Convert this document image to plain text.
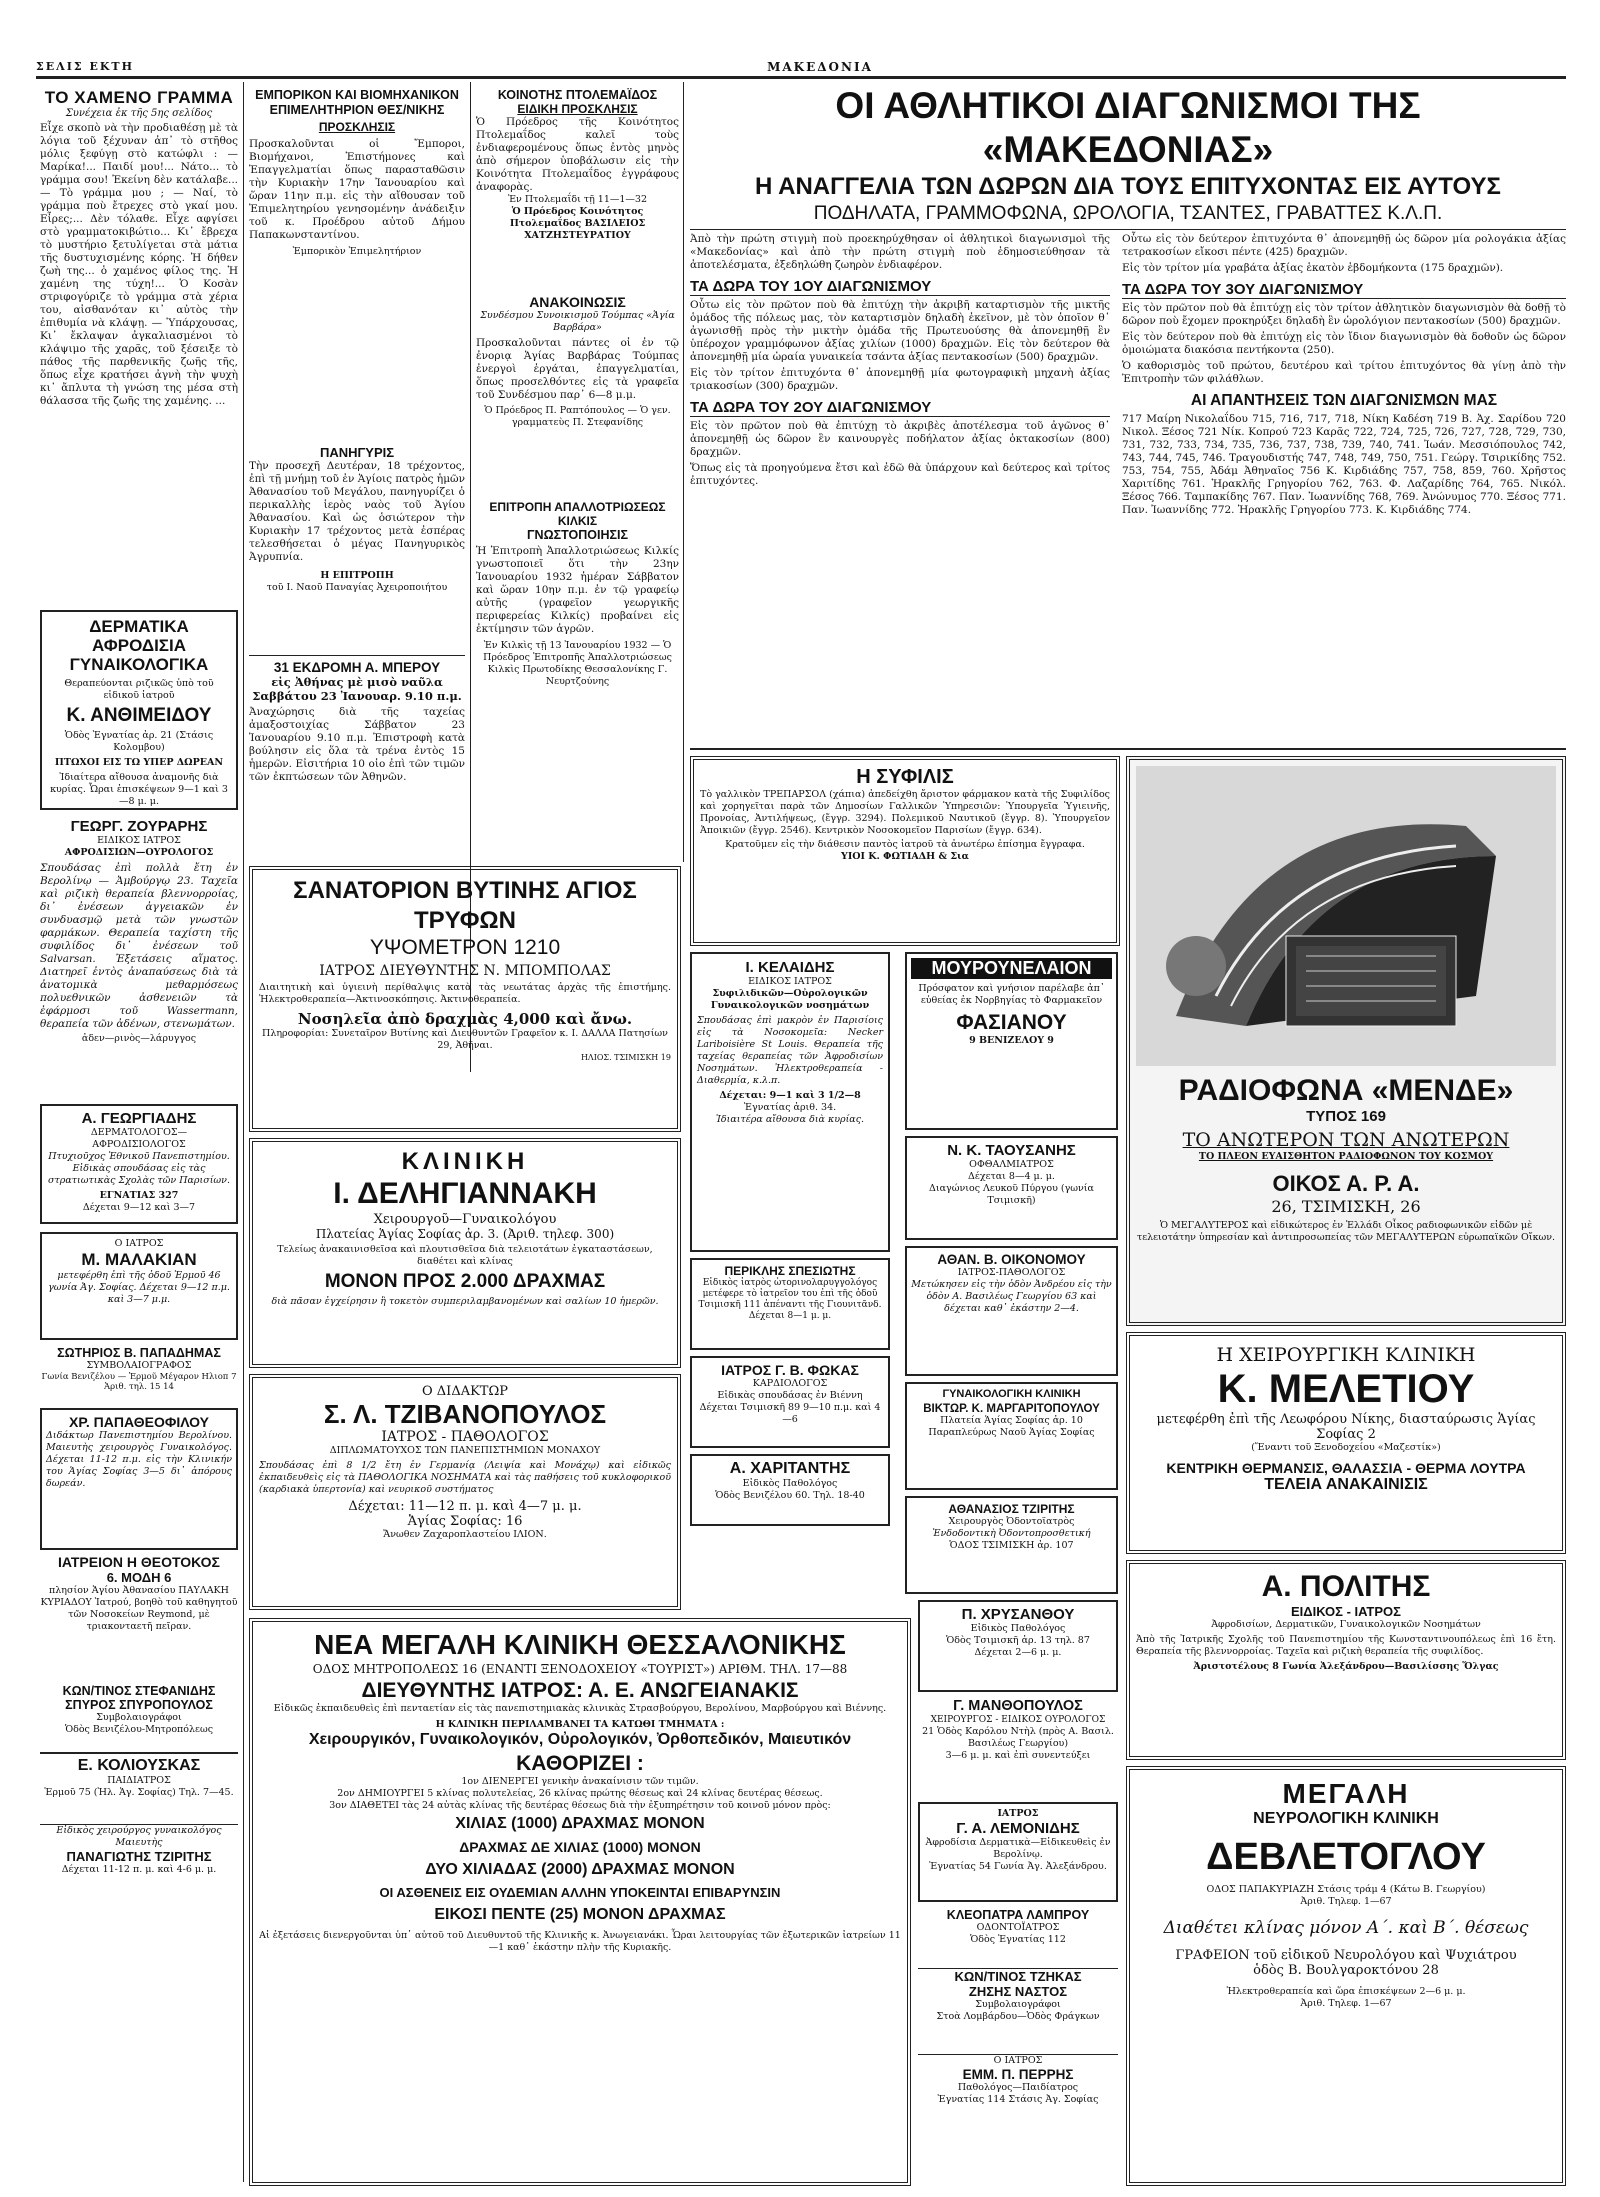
ΣΕΛΙΣ ΕΚΤΗ	ΜΑΚΕΔΟΝΙΑ
ΤΟ ΧΑΜΕΝΟ ΓΡΑΜΜΑ
Συνέχεια ἐκ τῆς 5ης σελίδος
Εἶχε σκοπὸ νὰ τὴν προδιαθέσῃ μὲ τὰ λόγια τοῦ ξέχυναν ἀπ᾿ τὸ στῆθος μόλις ξεφύγῃ στὸ κατώφλι : — Μαρίκα!... Παιδί μου!... Νάτο... τὸ γράμμα σου! Ἐκείνη δὲν κατάλαβε... — Τὸ γράμμα μου ; — Ναί, τὸ γράμμα ποὺ ἔτρεχες στὸ γκαί μου. Εἶρες;... Δὲν τόλαθε. Εἶχε αφγίσει στὸ γραμματοκιβώτιο... Κι᾿ ἔβρεχα τὸ μυστήριο ξετυλίγεται στὰ μάτια τῆς δυστυχισμένης κόρης. Ἡ δήθεν ζωὴ της... ὁ χαμένος φίλος της. Ἡ χαμένη της τύχη!... Ὁ Κοσὰν στριφογύριζε τὸ γράμμα στὰ χέρια του, αἰσθανόταν κι᾿ αὐτὸς τὴν ἐπιθυμία νὰ κλάψῃ. — Ὑπάρχουσας, Κι᾿ ἔκλαψαν ἀγκαλιασμένοι τὸ κλάψιμο τῆς χαρᾶς, τοῦ ξέσειξε τὸ πάθος τῆς παρθενικῆς ζωῆς τῆς, ὅπως εἶχε κρατήσει ἀγνὴ τὴν ψυχὴ κι᾿ ἄπλυτα τὴ γνώση της μέσα στὴ θάλασσα τῆς ζωῆς της χαμένης. ...
ΔΕΡΜΑΤΙΚΑ ΑΦΡΟΔΙΣΙΑ ΓΥΝΑΙΚΟΛΟΓΙΚΑ
Θεραπεύονται ριζικῶς ὑπὸ τοῦ εἰδικοῦ ἰατροῦ
Κ. ΑΝΘΙΜΕΙΔΟΥ
Ὁδὸς Ἐγνατίας ἀρ. 21 (Στάσις Κολομβου)
ΠΤΩΧΟΙ ΕΙΣ ΤΩ ΥΠΕΡ ΔΩΡΕΑΝ
Ἰδιαίτερα αἴθουσα ἀναμονῆς διὰ κυρίας. Ὧραι ἐπισκέψεων 9—1 καὶ 3—8 μ. μ.
ΓΕΩΡΓ. ΖΟΥΡΑΡΗΣ
ΕΙΔΙΚΟΣ ΙΑΤΡΟΣ
ΑΦΡΟΔΙΣΙΩΝ—ΟΥΡΟΛΟΓΟΣ
Σπουδάσας ἐπὶ πολλὰ ἔτη ἐν Βερολίνῳ — Ἀμβούργῳ 23. Ταχεῖα καὶ ριζικὴ θεραπεία βλεννορροίας, δι᾿ ἐνέσεων ἀγγειακῶν ἐν συνδυασμῷ μετὰ τῶν γνωστῶν φαρμάκων. Θεραπεία ταχίστη τῆς συφιλίδος δι᾿ ἐνέσεων τοῦ Salvarsan. Ἐξετάσεις αἵματος. Διατηρεῖ ἐντὸς ἀναπαύσεως διὰ τὰ ἀνατομικὰ μεθαρμόσεως πολυεθνικῶν ἀσθενειῶν τὰ ἐφάρμοσι τοῦ Wassermann, θεραπεία τῶν ἀδένων, στενωμάτων.
ἀδεν—ρινὸς—λάρυγγος
Α. ΓΕΩΡΓΙΑΔΗΣ
ΔΕΡΜΑΤΟΛΟΓΟΣ—ΑΦΡΟΔΙΣΙΟΛΟΓΟΣ
Πτυχιοῦχος Ἐθνικοῦ Πανεπιστημίου. Εἰδικὰς σπουδάσας εἰς τὰς στρατιωτικὰς Σχολὰς τῶν Παρισίων.
ΕΓΝΑΤΙΑΣ 327
Δέχεται 9—12 καὶ 3—7
Ο ΙΑΤΡΟΣ
Μ. ΜΑΛΑΚΙΑΝ
μετεφέρθη ἐπὶ τῆς ὁδοῦ Ἐρμοῦ 46 γωνία Ἀγ. Σοφίας. Δέχεται 9—12 π.μ. καὶ 3—7 μ.μ.
ΣΩΤΗΡΙΟΣ Β. ΠΑΠΑΔΗΜΑΣ
ΣΥΜΒΟΛΑΙΟΓΡΑΦΟΣ
Γωνία Βενιζέλου — Ἑρμοῦ Μέγαρον Ηλιοπ 7 Ἀριθ. τηλ. 15 14
ΧΡ. ΠΑΠΑΘΕΟΦΙΛΟΥ
Διδάκτωρ Πανεπιστημίου Βερολίνου. Μαιευτὴς χειρουργὸς Γυναικολόγος. Δέχεται 11-12 π.μ. εἰς τὴν Κλινικήν του Ἁγίας Σοφίας 3—5 δι᾿ ἀπόρους δωρεάν.
ΙΑΤΡΕΙΟΝ Η ΘΕΟΤΟΚΟΣ
6. ΜΟΔΗ 6
πλησίον Ἁγίου Ἀθανασίου ΠΑΥΛΑΚΗ ΚΥΡΙΑΔΟΥ Ἰατρού, βοηθὸ τοῦ καθηγητοῦ τῶν Νοσοκείων Reymond, μὲ τριακονταετῆ πεῖραν.
ΚΩΝ/ΤΙΝΟΣ ΣΤΕΦΑΝΙΔΗΣ
ΣΠΥΡΟΣ ΣΠΥΡΟΠΟΥΛΟΣ
Συμβολαιογράφοι
Ὁδὸς Βενιζέλου-Μητροπόλεως
Ε. ΚΟΛΙΟΥΣΚΑΣ
ΠΑΙΔΙΑΤΡΟΣ
Ἑρμοῦ 75 (Ἠλ. Ἁγ. Σοφίας) Τηλ. 7—45.
Εἰδικὸς χειρούργος γυναικολόγος Μαιευτὴς
ΠΑΝΑΓΙΩΤΗΣ ΤΖΙΡΙΤΗΣ
Δέχεται 11-12 π. μ. καὶ 4-6 μ. μ.
ΕΜΠΟΡΙΚΟΝ ΚΑΙ ΒΙΟΜΗΧΑΝΙΚΟΝ ΕΠΙΜΕΛΗΤΗΡΙΟΝ ΘΕΣ/ΝΙΚΗΣ
ΠΡΟΣΚΛΗΣΙΣ
Προσκαλοῦνται οἱ Ἔμποροι, Βιομήχανοι, Ἐπιστήμονες καὶ Ἐπαγγελματίαι ὅπως παρασταθῶσιν τὴν Κυριακὴν 17ην Ἰανουαρίου καὶ ὥραν 11ην π.μ. εἰς τὴν αἴθουσαν τοῦ Ἐπιμελητηρίου γενησομένην ἀνάδειξιν τοῦ κ. Προέδρου αὐτοῦ Δήμου Παπακωνσταντίνου.
Ἐμπορικὸν Ἐπιμελητήριον
ΠΑΝΗΓΥΡΙΣ
Τὴν προσεχῆ Δευτέραν, 18 τρέχοντος, ἐπὶ τῇ μνήμῃ τοῦ ἐν Ἁγίοις πατρὸς ἡμῶν Ἀθανασίου τοῦ Μεγάλου, πανηγυρίζει ὁ περικαλλὴς ἱερὸς ναὸς τοῦ Ἁγίου Ἀθανασίου. Καὶ ὡς ὁσιώτερον τὴν Κυριακὴν 17 τρέχοντος μετὰ ἐσπέρας τελεσθήσεται ὁ μέγας Πανηγυρικὸς Ἀγρυπνία.
Η ΕΠΙΤΡΟΠΗ
τοῦ Ι. Ναοῦ Παναγίας Ἀχειροποιήτου
31 ΕΚΔΡΟΜΗ Α. ΜΠΕΡΟΥ
εἰς Ἀθήνας μὲ μισὸ ναῦλα Σαββάτου 23 Ἰανουαρ. 9.10 π.μ.
Ἀναχώρησις διὰ τῆς ταχείας ἀμαξοστοιχίας Σάββατον 23 Ἰανουαρίου 9.10 π.μ. Ἐπιστροφὴ κατὰ βούλησιν εἰς ὅλα τὰ τρένα ἐντὸς 15 ἡμερῶν. Εἰσιτήρια 10 οἰο ἐπὶ τῶν τιμῶν τῶν ἐκπτώσεων τῶν Ἀθηνῶν.
ΚΟΙΝΟΤΗΣ ΠΤΟΛΕΜΑΪΔΟΣ
ΕΙΔΙΚΗ ΠΡΟΣΚΛΗΣΙΣ
Ὁ Πρόεδρος τῆς Κοινότητος Πτολεμαΐδος καλεῖ τοὺς ἐνδιαφερομένους ὅπως ἐντὸς μηνὸς ἀπὸ σήμερον ὑποβάλωσιν εἰς τὴν Κοινότητα Πτολεμαΐδος ἐγγράφους ἀναφορὰς.
Ἐν Πτολεμαΐδι τῇ 11—1—32
Ὁ Πρόεδρος Κοινότητος Πτολεμαΐδος ΒΑΣΙΛΕΙΟΣ ΧΑΤΖΗΣΤΕΥΡΑΤΙΟΥ
ΑΝΑΚΟΙΝΩΣΙΣ
Συνδέσμου Συνοικισμοῦ Τούμπας «Ἁγία Βαρβάρα»
Προσκαλοῦνται πάντες οἱ ἐν τῷ ἐνοριᾳ Ἁγίας Βαρβάρας Τούμπας ἐνεργοὶ ἐργάται, ἐπαγγελματίαι, ὅπως προσελθόντες εἰς τὰ γραφεῖα τοῦ Συνδέσμου παρ᾿ 6—8 μ.μ.
Ὁ Πρόεδρος Π. Ραπτόπουλος — Ὁ γεν. γραμματεὺς Π. Στεφανίδης
ΕΠΙΤΡΟΠΗ ΑΠΑΛΛΟΤΡΙΩΣΕΩΣ ΚΙΛΚΙΣ
ΓΝΩΣΤΟΠΟΙΗΣΙΣ
Ἡ Ἐπιτροπὴ Ἀπαλλοτριώσεως Κιλκίς γνωστοποιεῖ ὅτι τὴν 23ην Ἰανουαρίου 1932 ἡμέραν Σάββατον καὶ ὥραν 10ην π.μ. ἐν τῷ γραφείῳ αὐτῆς (γραφεῖον γεωργικῆς περιφερείας Κιλκίς) προβαίνει εἰς ἐκτίμησιν τῶν ἀγρῶν.
Ἐν Κιλκὶς τῇ 13 Ἰανουαρίου 1932 — Ὁ Πρόεδρος Ἐπιτροπῆς Ἀπαλλοτριώσεως Κιλκὶς Πρωτοδίκης Θεσσαλονίκης Γ. Νευρτζούνης
ΟΙ ΑΘΛΗΤΙΚΟΙ ΔΙΑΓΩΝΙΣΜΟΙ ΤΗΣ «ΜΑΚΕΔΟΝΙΑΣ»
Η ΑΝΑΓΓΕΛΙΑ ΤΩΝ ΔΩΡΩΝ ΔΙΑ ΤΟΥΣ ΕΠΙΤΥΧΟΝΤΑΣ ΕΙΣ ΑΥΤΟΥΣ
ΠΟΔΗΛΑΤΑ, ΓΡΑΜΜΟΦΩΝΑ, ΩΡΟΛΟΓΙΑ, ΤΣΑΝΤΕΣ, ΓΡΑΒΑΤΤΕΣ Κ.Λ.Π.
Ἀπὸ τὴν πρώτη στιγμὴ ποὺ προεκηρύχθησαν οἱ ἀθλητικοὶ διαγωνισμοὶ τῆς «Μακεδονίας» καὶ ἀπὸ τὴν πρώτη στιγμὴ ποὺ ἐδημοσιεύθησαν τὰ ἀποτελέσματα, ἐξεδηλώθη ζωηρὸν ἐνδιαφέρον.
ΤΑ ΔΩΡΑ ΤΟΥ 1ΟΥ ΔΙΑΓΩΝΙΣΜΟΥ
Οὗτω εἰς τὸν πρῶτον ποὺ θὰ ἐπιτύχῃ τὴν ἀκριβῆ καταρτισμὸν τῆς μικτῆς ὁμάδος τῆς πόλεως μας, τὸν καταρτισμὸν δηλαδὴ ἐκεῖνον, μὲ τὸν ὁποῖον θ᾿ ἀγωνισθῇ πρὸς τὴν μικτὴν ὁμάδα τῆς Πρωτευούσης θὰ ἀπονεμηθῇ ἓν ὑπέροχον γραμμόφωνον ἀξίας χιλίων (1000) δραχμῶν. Εἰς τὸν δεύτερον θὰ ἀπονεμηθῇ μία ὡραία γυναικεία τσάντα ἀξίας πεντακοσίων (500) δραχμῶν.
Εἰς τὸν τρίτον ἐπιτυχόντα θ᾿ ἀπονεμηθῇ μία φωτογραφικὴ μηχανὴ ἀξίας τριακοσίων (300) δραχμῶν.
ΤΑ ΔΩΡΑ ΤΟΥ 2ΟΥ ΔΙΑΓΩΝΙΣΜΟΥ
Εἰς τὸν πρῶτον ποὺ θὰ ἐπιτύχῃ τὸ ἀκριβὲς ἀποτέλεσμα τοῦ ἀγῶνος θ᾿ ἀπονεμηθῇ ὡς δῶρον ἓν καινουργὲς ποδήλατον ἀξίας ὀκτακοσίων (800) δραχμῶν.
Ὅπως εἰς τὰ προηγούμενα ἔτσι καὶ ἐδῶ θὰ ὑπάρχουν καὶ δεύτερος καὶ τρίτος ἐπιτυχόντες.
Οὗτω εἰς τὸν δεύτερον ἐπιτυχόντα θ᾿ ἀπονεμηθῇ ὡς δῶρον μία ρολογάκια ἀξίας τετρακοσίων εἴκοσι πέντε (425) δραχμῶν.
Εἰς τὸν τρίτον μία γραβάτα ἀξίας ἑκατὸν ἑβδομήκοντα (175 δραχμῶν).
ΤΑ ΔΩΡΑ ΤΟΥ 3ΟΥ ΔΙΑΓΩΝΙΣΜΟΥ
Εἰς τὸν πρῶτον ποὺ θὰ ἐπιτύχῃ εἰς τὸν τρίτον ἀθλητικὸν διαγωνισμὸν θὰ δοθῇ τὸ δῶρον ποὺ ἔχομεν προκηρύξει δηλαδὴ ἓν ὡρολόγιον πεντακοσίων (500) δραχμῶν.
Εἰς τὸν δεύτερον ποὺ θὰ ἐπιτύχῃ εἰς τὸν ἴδιον διαγωνισμὸν θὰ δοθοῦν ὡς δῶρον ὁμοιώματα διακόσια πεντήκοντα (250).
Ὁ καθορισμὸς τοῦ πρώτου, δευτέρου καὶ τρίτου ἐπιτυχόντος θὰ γίνῃ ἀπὸ τὴν Ἐπιτροπὴν τῶν φιλάθλων.
ΑΙ ΑΠΑΝΤΗΣΕΙΣ ΤΩΝ ΔΙΑΓΩΝΙΣΜΩΝ ΜΑΣ
717 Μαίρη Νικολαΐδου 715, 716, 717, 718, Νίκη Καδέση 719 Β. Ἀχ. Σαρίδου 720 Νικολ. Ξέσος 721 Νίκ. Κοπρού 723 Καρᾶς 722, 724, 725, 726, 727, 728, 729, 730, 731, 732, 733, 734, 735, 736, 737, 738, 739, 740, 741. Ἰωάν. Μεσσιόπουλος 742, 743, 744, 745, 746. Τραγουδιστής 747, 748, 749, 750, 751. Γεώργ. Τσιρικίδης 752. 753, 754, 755, Ἀδάμ Ἀθηναῖος 756 Κ. Κιρδιάδης 757, 758, 859, 760. Χρῆστος Χαριτίδης 761. Ἡρακλῆς Γρηγορίου 762, 763. Φ. Λαζαρίδης 764, 765. Νικόλ. Ξέσος 766. Ταμπακίδης 767. Παν. Ἰωαννίδης 768, 769. Ἀνώνυμος 770. Ξέσος 771. Παν. Ἰωαννίδης 772. Ἡρακλῆς Γρηγορίου 773. Κ. Κιρδιάδης 774.
ΣΑΝΑΤΟΡΙΟΝ ΒΥΤΙΝΗΣ ΑΓΙΟΣ ΤΡΥΦΩΝ
ΥΨΟΜΕΤΡΟΝ 1210
ΙΑΤΡΟΣ ΔΙΕΥΘΥΝΤΗΣ Ν. ΜΠΟΜΠΟΛΑΣ
Διαιτητικὴ καὶ ὑγιεινὴ περίθαλψις κατὰ τὰς νεωτάτας ἀρχὰς τῆς ἐπιστήμης. Ἠλεκτροθεραπεία—Ἀκτινοσκόπησις. Ἀκτινοθεραπεία.
Νοσηλεῖα ἀπὸ δραχμὰς 4,000 καὶ ἄνω.
Πληροφορίαι: Συνεταῖρον Βυτίνης καὶ Διευθυντῶν Γραφεῖον κ. Ι. ΔΑΛΛΑ Πατησίων 29, Ἀθῆναι.
ΗΛΙΟΣ. ΤΣΙΜΙΣΚΗ 19
ΚΛΙΝΙΚΗ
Ι. ΔΕΛΗΓΙΑΝΝΑΚΗ
Χειρουργοῦ—Γυναικολόγου
Πλατείας Ἁγίας Σοφίας ἀρ. 3. (Ἀριθ. τηλεφ. 300)
Τελείως ἀνακαινισθεῖσα καὶ πλουτισθεῖσα διὰ τελειοτάτων ἐγκαταστάσεων, διαθέτει καὶ κλίνας
ΜΟΝΟΝ ΠΡΟΣ 2.000 ΔΡΑΧΜΑΣ
διὰ πᾶσαν ἐγχείρησιν ἢ τοκετὸν συμπεριλαμβανομένων καὶ σαλίων 10 ἡμερῶν.
Ο ΔΙΔΑΚΤΩΡ
Σ. Λ. ΤΖΙΒΑΝΟΠΟΥΛΟΣ
ΙΑΤΡΟΣ - ΠΑΘΟΛΟΓΟΣ
ΔΙΠΛΩΜΑΤΟΥΧΟΣ ΤΩΝ ΠΑΝΕΠΙΣΤΗΜΙΩΝ ΜΟΝΑΧΟΥ
Σπουδάσας ἐπὶ 8 1/2 ἔτη ἐν Γερμανίᾳ (Λειψία καὶ Μονάχῳ) καὶ εἰδικῶς ἐκπαιδευθεὶς εἰς τὰ ΠΑΘΟΛΟΓΙΚΑ ΝΟΣΗΜΑΤΑ καὶ τὰς παθήσεις τοῦ κυκλοφορικοῦ (καρδιακὰ ὑπερτονία) καὶ νευρικοῦ συστήματος
Δέχεται: 11—12 π. μ. καὶ 4—7 μ. μ.
Ἁγίας Σοφίας: 16
Ἄνωθεν Ζαχαροπλαστείου ΙΛΙΟΝ.
ΝΕΑ ΜΕΓΑΛΗ ΚΛΙΝΙΚΗ ΘΕΣΣΑΛΟΝΙΚΗΣ
ΟΔΟΣ ΜΗΤΡΟΠΟΛΕΩΣ 16 (ΕΝΑΝΤΙ ΞΕΝΟΔΟΧΕΙΟΥ «ΤΟΥΡΙΣΤ») ΑΡΙΘΜ. ΤΗΛ. 17—88
ΔΙΕΥΘΥΝΤΗΣ ΙΑΤΡΟΣ: Α. Ε. ΑΝΩΓΕΙΑΝΑΚΙΣ
Εἰδικῶς ἐκπαιδευθεὶς ἐπὶ πενταετίαν εἰς τὰς πανεπιστημιακὰς κλινικὰς Στρασβούργου, Βερολίνου, Μαρβούργου καὶ Βιέννης.
Η ΚΛΙΝΙΚΗ ΠΕΡΙΛΑΜΒΑΝΕΙ ΤΑ ΚΑΤΩΘΙ ΤΜΗΜΑΤΑ :
Χειρουργικόν, Γυναικολογικόν, Οὐρολογικόν, Ὀρθοπεδικόν, Μαιευτικόν
ΚΑΘΟΡΙΖΕΙ :
1ον ΔΙΕΝΕΡΓΕΙ γενικὴν ἀνακαίνισιν τῶν τιμῶν.
2ον ΔΗΜΙΟΥΡΓΕΙ 5 κλίνας πολυτελείας, 26 κλίνας πρώτης θέσεως καὶ 24 κλίνας δευτέρας θέσεως.
3ον ΔΙΑΘΕΤΕΙ τὰς 24 αὐτὰς κλίνας τῆς δευτέρας θέσεως διὰ τὴν ἐξυπηρέτησιν τοῦ κοινοῦ μόνον πρὸς:
ΧΙΛΙΑΣ (1000) ΔΡΑΧΜΑΣ ΜΟΝΟΝ
ΔΡΑΧΜΑΣ ΔΕ ΧΙΛΙΑΣ (1000) ΜΟΝΟΝ
ΔΥΟ ΧΙΛΙΑΔΑΣ (2000) ΔΡΑΧΜΑΣ ΜΟΝΟΝ
ΟΙ ΑΣΘΕΝΕΙΣ ΕΙΣ ΟΥΔΕΜΙΑΝ ΑΛΛΗΝ ΥΠΟΚΕΙΝΤΑΙ ΕΠΙΒΑΡΥΝΣΙΝ
ΕΙΚΟΣΙ ΠΕΝΤΕ (25) ΜΟΝΟΝ ΔΡΑΧΜΑΣ
Αἱ ἐξετάσεις διενεργοῦνται ὑπ᾿ αὐτοῦ τοῦ Διευθυντοῦ τῆς Κλινικῆς κ. Ἀνωγειανάκι. Ὧραι λειτουργίας τῶν ἐξωτερικῶν ἰατρείων 11—1 καθ᾿ ἑκάστην πλὴν τῆς Κυριακῆς.
Η ΣΥΦΙΛΙΣ
Τὸ γαλλικὸν ΤΡΕΠΑΡΣΟΛ (χάπια) ἀπεδείχθη ἄριστον φάρμακον κατὰ τῆς Συφιλίδος καὶ χορηγεῖται παρὰ τῶν Δημοσίων Γαλλικῶν Ὑπηρεσιῶν: Ὑπουργεῖα Ὑγιεινῆς, Προνοίας, Ἀντιλήψεως, (ἔγγρ. 3294). Πολεμικοῦ Ναυτικοῦ (ἔγγρ. 8). Ὑπουργεῖον Ἀποικιῶν (ἔγγρ. 2546). Κεντρικὸν Νοσοκομεῖον Παρισίων (ἔγγρ. 634).
Κρατοῦμεν εἰς τὴν διάθεσιν παντὸς ἰατροῦ τὰ ἀνωτέρω ἐπίσημα ἔγγραφα.
ΥΙΟΙ Κ. ΦΩΤΙΑΔΗ & Σια
Ι. ΚΕΛΑΙΔΗΣ
ΕΙΔΙΚΟΣ ΙΑΤΡΟΣ
Συφιλιδικῶν—Οὐρολογικῶν Γυναικολογικῶν νοσημάτων
Σπουδάσας ἐπὶ μακρὸν ἐν Παρισίοις εἰς τὰ Νοσοκομεῖα: Necker Lariboisière St Louis. Θεραπεία τῆς ταχείας θεραπείας τῶν Ἀφροδισίων Νοσημάτων. Ἠλεκτροθεραπεία - Διαθερμία, κ.λ.π.
Δέχεται: 9—1 καὶ 3 1/2—8
Ἐγνατίας ἀριθ. 34.
Ἰδιαιτέρα αἴθουσα διὰ κυρίας.
ΠΕΡΙΚΛΗΣ ΣΠΕΣΙΩΤΗΣ
Εἰδικὸς ἰατρὸς ὠτορινολαρυγγολόγος μετέφερε τὸ ἰατρεῖον του ἐπὶ τῆς ὁδοῦ Τσιμισκῆ 111 ἀπέναντι τῆς Γιουνιτᾶνδ. Δέχεται 8—1 μ. μ.
ΙΑΤΡΟΣ Γ. Β. ΦΩΚΑΣ
ΚΑΡΔΙΟΛΟΓΟΣ
Εἰδικὰς σπουδάσας ἐν Βιέννη
Δέχεται Τσιμισκῆ 89 9—10 π.μ. καὶ 4—6
Α. ΧΑΡΙΤΑΝΤΗΣ
Εἰδικὸς Παθολόγος
Ὁδὸς Βενιζέλου 60. Τηλ. 18-40
ΜΟΥΡΟΥΝΕΛΑΙΟΝ
Πρόσφατον καὶ γνήσιον παρέλαβε ἀπ᾿ εὐθείας ἐκ Νορβηγίας τὸ Φαρμακεῖον
ΦΑΣΙΑΝΟΥ
9 ΒΕΝΙΖΕΛΟΥ 9
Ν. Κ. ΤΑΟΥΣΑΝΗΣ
ΟΦΘΑΛΜΙΑΤΡΟΣ
Δέχεται 8—4 μ. μ.
Διαγώνιος Λευκοῦ Πύργου (γωνία Τσιμισκῆ)
ΑΘΑΝ. Β. ΟΙΚΟΝΟΜΟΥ
ΙΑΤΡΟΣ-ΠΑΘΟΛΟΓΟΣ
Μετώκησεν εἰς τὴν ὁδὸν Ἀνδρέου εἰς τὴν ὁδὸν Α. Βασιλέως Γεωργίου 63 καὶ δέχεται καθ᾿ ἑκάστην 2—4.
ΓΥΝΑΙΚΟΛΟΓΙΚΗ ΚΛΙΝΙΚΗ
ΒΙΚΤΩΡ. Κ. ΜΑΡΓΑΡΙΤΟΠΟΥΛΟΥ
Πλατεία Ἁγίας Σοφίας ἀρ. 10
Παραπλεύρως Ναοῦ Ἁγίας Σοφίας
ΑΘΑΝΑΣΙΟΣ ΤΖΙΡΙΤΗΣ
Χειρουργὸς Ὀδοντοϊατρὸς
Ἐνδοδοντικὴ Ὀδοντοπροσθετική
ὉΔΟΣ ΤΣΙΜΙΣΚΗ ἀρ. 107
Π. ΧΡΥΣΑΝΘΟΥ
Εἰδικὸς Παθολόγος
Ὁδὸς Τσιμισκῆ ἀρ. 13 τηλ. 87
Δέχεται 2—6 μ. μ.
Γ. ΜΑΝΘΟΠΟΥΛΟΣ
ΧΕΙΡΟΥΡΓΟΣ - ΕΙΔΙΚΟΣ ΟΥΡΟΛΟΓΟΣ
21 Ὁδὸς Καρόλου Ντὴλ (πρὸς Α. Βασιλ. Βασιλέως Γεωργίου)
3—6 μ. μ. καὶ ἐπὶ συνεντεύξει
ΙΑΤΡΟΣ
Γ. Α. ΛΕΜΟΝΙΔΗΣ
Ἀφροδίσια Δερματικὰ—Εἰδικευθεὶς ἐν Βερολίνῳ.
Ἐγνατίας 54 Γωνία Ἀγ. Ἀλεξάνδρου.
ΚΛΕΟΠΑΤΡΑ ΛΑΜΠΡΟΥ
ΟΔΟΝΤΟΪΑΤΡΟΣ
Ὁδὸς Ἐγνατίας 112
ΚΩΝ/ΤΙΝΟΣ ΤΖΗΚΑΣ
ΖΗΣΗΣ ΝΑΣΤΟΣ
Συμβολαιογράφοι
Στοὰ Λομβάρδου—Ὁδὸς Φράγκων
Ο ΙΑΤΡΟΣ
ΕΜΜ. Π. ΠΕΡΡΗΣ
Παθολόγος—Παιδίατρος
Ἐγνατίας 114 Στάσις Ἀγ. Σοφίας
ΡΑΔΙΟΦΩΝΑ «ΜΕΝΔΕ»
ΤΥΠΟΣ 169
ΤΟ ΑΝΩΤΕΡΟΝ ΤΩΝ ΑΝΩΤΕΡΩΝ
ΤΟ ΠΛΕΟΝ ΕΥΑΙΣΘΗΤΟΝ ΡΑΔΙΟΦΩΝΟΝ ΤΟΥ ΚΟΣΜΟΥ
ΟΙΚΟΣ Α. Ρ. Α.
26, ΤΣΙΜΙΣΚΗ, 26
Ὁ ΜΕΓΑΛΥΤΕΡΟΣ καὶ εἰδικώτερος ἐν Ἑλλάδι Οἶκος ραδιοφωνικῶν εἰδῶν μὲ τελειοτάτην ὑπηρεσίαν καὶ ἀντιπροσωπείας τῶν ΜΕΓΑΛΥΤΕΡΩΝ εὐρωπαϊκῶν Οἴκων.
Η ΧΕΙΡΟΥΡΓΙΚΗ ΚΛΙΝΙΚΗ
Κ. ΜΕΛΕΤΙΟΥ
μετεφέρθη ἐπὶ τῆς Λεωφόρου Νίκης, διασταύρωσις Ἁγίας Σοφίας 2
(Ἔναντι τοῦ Ξενοδοχείου «Μαζεστίκ»)
ΚΕΝΤΡΙΚΗ ΘΕΡΜΑΝΣΙΣ, ΘΑΛΑΣΣΙΑ - ΘΕΡΜΑ ΛΟΥΤΡΑ
ΤΕΛΕΙΑ ΑΝΑΚΑΙΝΙΣΙΣ
Α. ΠΟΛΙΤΗΣ
ΕΙΔΙΚΟΣ - ΙΑΤΡΟΣ
Ἀφροδισίων, Δερματικῶν, Γυναικολογικῶν Νοσημάτων
Ἀπὸ τῆς Ἰατρικῆς Σχολῆς τοῦ Πανεπιστημίου τῆς Κωνσταντινουπόλεως ἐπὶ 16 ἔτη. Θεραπεία τῆς βλεννορροίας. Ταχεῖα καὶ ριζικὴ θεραπεία τῆς συφιλίδος.
Ἀριστοτέλους 8 Γωνία Ἀλεξάνδρου—Βασιλίσσης Ὅλγας
ΜΕΓΑΛΗ
ΝΕΥΡΟΛΟΓΙΚΗ ΚΛΙΝΙΚΗ
ΔΕΒΛΕΤΟΓΛΟΥ
ΟΔΟΣ ΠΑΠΑΚΥΡΙΑΖΗ Στάσις τράμ 4 (Κάτω Β. Γεωργίου)
Ἀριθ. Τηλεφ. 1—67
Διαθέτει κλίνας μόνον Α΄. καὶ Β΄. θέσεως
ΓΡΑΦΕΙΟΝ τοῦ εἰδικοῦ Νευρολόγου καὶ Ψυχιάτρου
ὁδὸς Β. Βουλγαροκτόνου 28
Ἠλεκτροθεραπεία καὶ ὥρα ἐπισκέψεων 2—6 μ. μ.
Ἀριθ. Τηλεφ. 1—67
